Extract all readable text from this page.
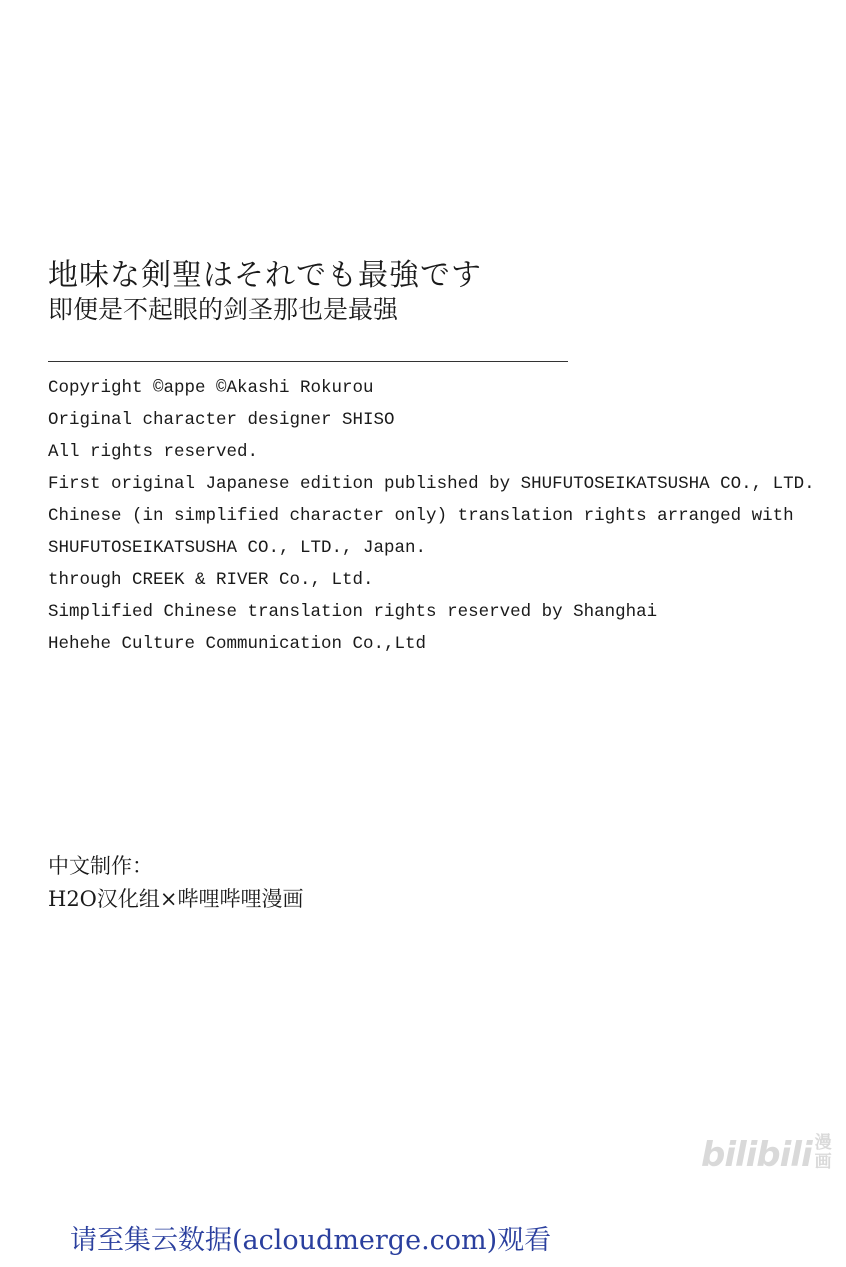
地味な剣聖はそれでも最強です
即便是不起眼的剑圣那也是最强
Copyright ©appe ©Akashi Rokurou
Original character designer SHISO
All rights reserved.
First original Japanese edition published by SHUFUTOSEIKATSUSHA CO., LTD.
Chinese (in simplified character only) translation rights arranged with
SHUFUTOSEIKATSUSHA CO., LTD., Japan.
through CREEK & RIVER Co., Ltd.
Simplified Chinese translation rights reserved by Shanghai
Hehehe Culture Communication Co.,Ltd
中文制作：
H2O汉化组×哔哩哔哩漫画
bilibili 漫
画
请至集云数据(acloudmerge.com)观看
